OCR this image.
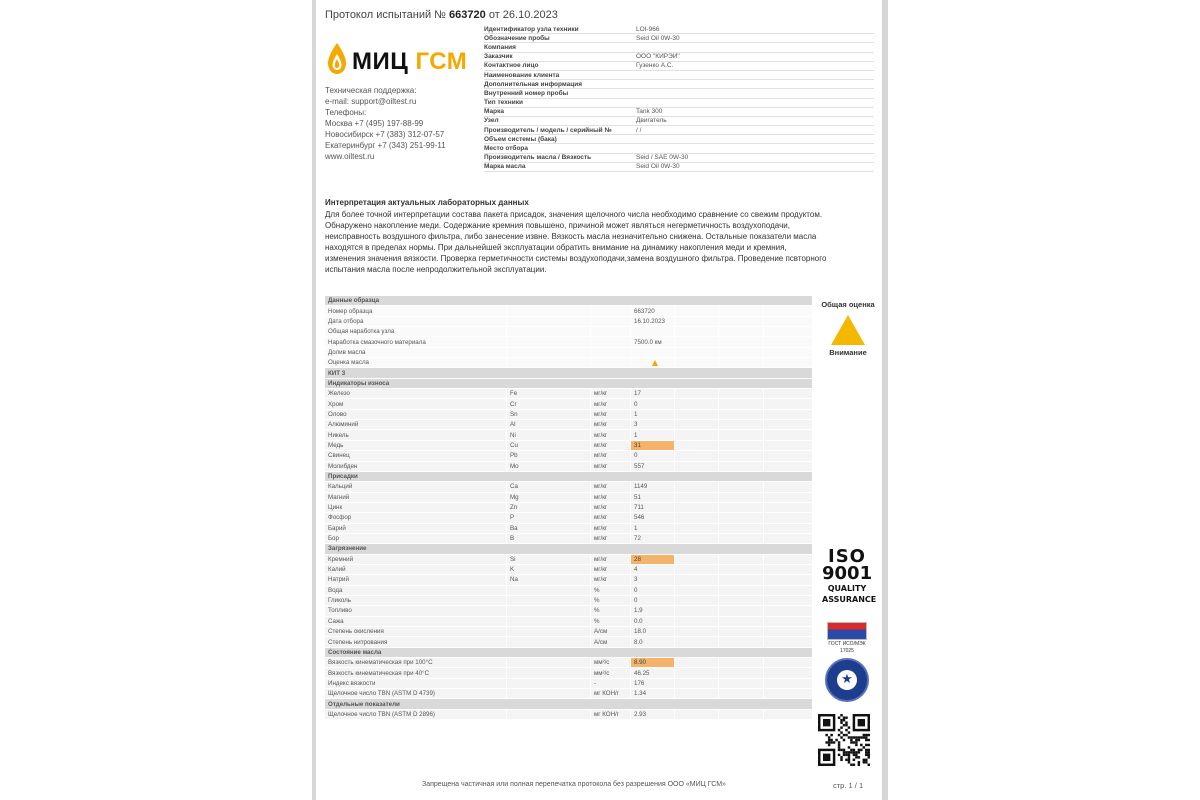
Протокол испытаний № 663720 от 26.10.2023
МИЦ ГСМ
Техническая поддержка:
e-mail: support@oiltest.ru
Телефоны:
Москва +7 (495) 197-88-99
Новосибирск +7 (383) 312-07-57
Екатеринбург +7 (343) 251-99-11
www.oiltest.ru
Идентификатор узла техники	LOI-966
Обозначение пробы	Seid Oil 0W-30
Компания
Заказчик	ООО "КИРЭЙ"
Контактное лицо	Гузенко А.С.
Наименование клиента
Дополнительная информация
Внутренний номер пробы
Тип техники
Марка	Tank 300
Узел	Двигатель
Производитель / модель / серийный №	/ /
Объем системы (бака)
Место отбора
Производитель масла / Вязкость	Seid / SAE 0W-30
Марка масла	Seid Oil 0W-30
Интерпретация актуальных лабораторных данных
Для более точной интерпретации состава пакета присадок, значения щелочного числа необходимо сравнение со свежим продуктом.
Обнаружено накопление меди. Содержание кремния повышено, причиной может являться негерметичность воздухоподачи,
неисправность воздушного фильтра, либо занесение извне. Вязкость масла незначительно снижена. Остальные показатели масла
находятся в пределах нормы. При дальнейшей эксплуатации обратить внимание на динамику накопления меди и кремния,
изменения значения вязкости. Проверка герметичности системы воздухоподачи,замена воздушного фильтра. Проведение псвторного
испытания масла после непродолжительной эксплуатации.
Данные образца
Номер образца	663720
Дата отбора	16.10.2023
Общая наработка узла
Наработка смазочного материала	7500.0 км
Долив масла
Оценка масла
КИТ 3
Индикаторы износа
Железо	Fe	мг/кг	17
Хром	Cr	мг/кг	0
Олово	Sn	мг/кг	1
Алюминий	Al	мг/кг	3
Никель	Ni	мг/кг	1
Медь	Cu	мг/кг	31
Свинец	Pb	мг/кг	0
Молибден	Mo	мг/кг	557
Присадки
Кальций	Ca	мг/кг	1149
Магний	Mg	мг/кг	51
Цинк	Zn	мг/кг	711
Фосфор	P	мг/кг	546
Барий	Ba	мг/кг	1
Бор	B	мг/кг	72
Загрязнение
Кремний	Si	мг/кг	28
Калий	K	мг/кг	4
Натрий	Na	мг/кг	3
Вода	%	0
Гликоль	%	0
Топливо	%	1.9
Сажа	%	0.0
Степень окисления	А/см	18.0
Степень нитрования	А/см	8.0
Состояние масла
Вязкость кинематическая при 100°C	мм²/с	8.90
Вязкость кинематическая при 40°C	мм²/с	46.25
Индекс вязкости	-	176
Щелочное число TBN (ASTM D 4739)	мг КОН/г	1.34
Отдельные показатели
Щелочное число TBN (ASTM D 2896)	мг КОН/г	2.93
Общая оценка
Внимание
ISO
9001
QUALITY
ASSURANCE
ГОСТ ИСО/МЭК
17025
★
Запрещена частичная или полная перепечатка протокола без разрешения ООО «МИЦ ГСМ»	стр. 1 / 1
